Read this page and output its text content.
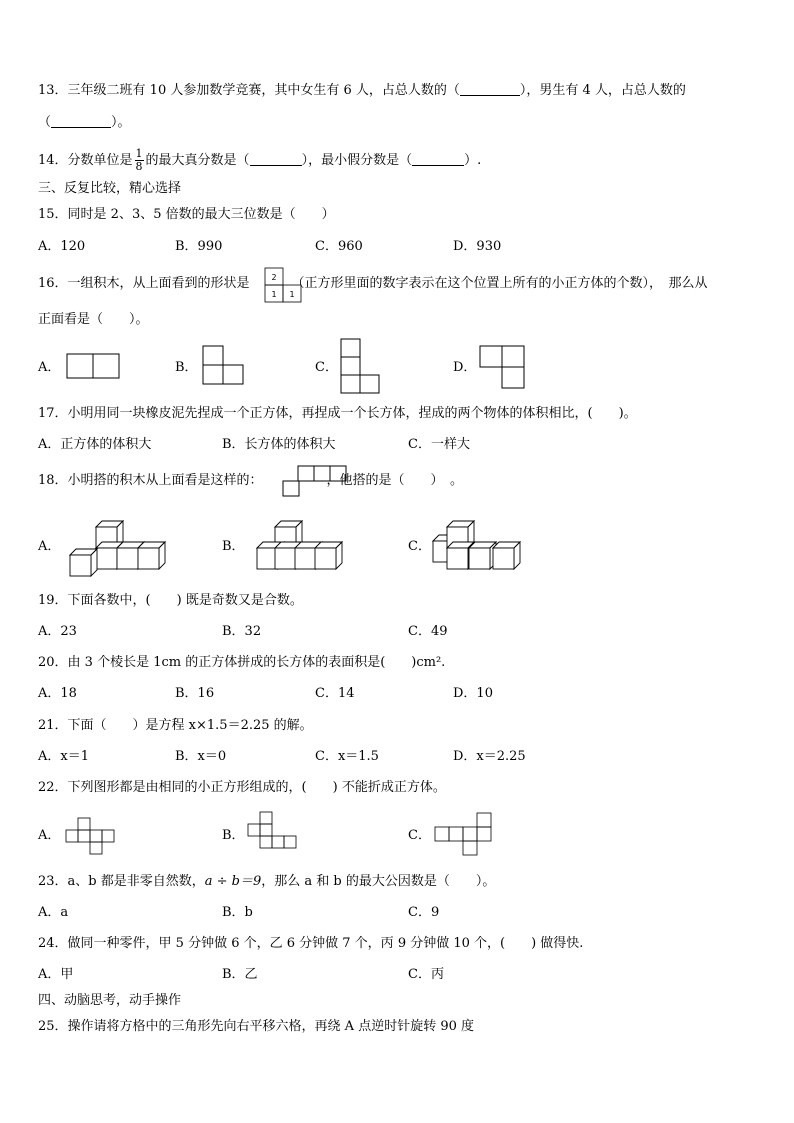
13．三年级二班有 10 人参加数学竞赛，其中女生有 6 人，占总人数的（	），男生有 4 人，占总人数的
（	）。
14．分数单位是 $\frac{1}{8}$ 的最大真分数是（	），最小假分数是（	）.
三、反复比较，精心选择
15．同时是 2、3、5 倍数的最大三位数是（　　）
A．120	B．990	C．960	D．930
16．一组积木，从上面看到的形状是	（正方形里面的数字表示在这个位置上所有的小正方体的个数），　那么从
2
1 1
正面看是（　　）。
A．	B．	C．	D．
17．小明用同一块橡皮泥先捏成一个正方体，再捏成一个长方体，捏成的两个物体的体积相比，(　　)。
A．正方体的体积大	B．长方体的体积大	C．一样大
18．小明搭的积木从上面看是这样的：	，他搭的是（　　）　。
A．	B．	C．
19．下面各数中，(　　) 既是奇数又是合数。
A．23	B．32	C．49
20．由 3 个棱长是 1cm 的正方体拼成的长方体的表面积是(　　)cm².
A．18	B．16	C．14	D．10
21．下面（　　）是方程 x×1.5＝2.25 的解。
A．x＝1	B．x＝0	C．x＝1.5	D．x＝2.25
22．下列图形都是由相同的小正方形组成的，(　　) 不能折成正方体。
A．	B．	C．
23．a、b 都是非零自然数，a ÷ b＝9，那么 a 和 b 的最大公因数是（　　）。
A．a	B．b	C．9
24．做同一种零件，甲 5 分钟做 6 个，乙 6 分钟做 7 个，丙 9 分钟做 10 个，(　　) 做得快.
A．甲	B．乙	C．丙
四、动脑思考，动手操作
25．操作请将方格中的三角形先向右平移六格，再绕 A 点逆时针旋转 90 度
